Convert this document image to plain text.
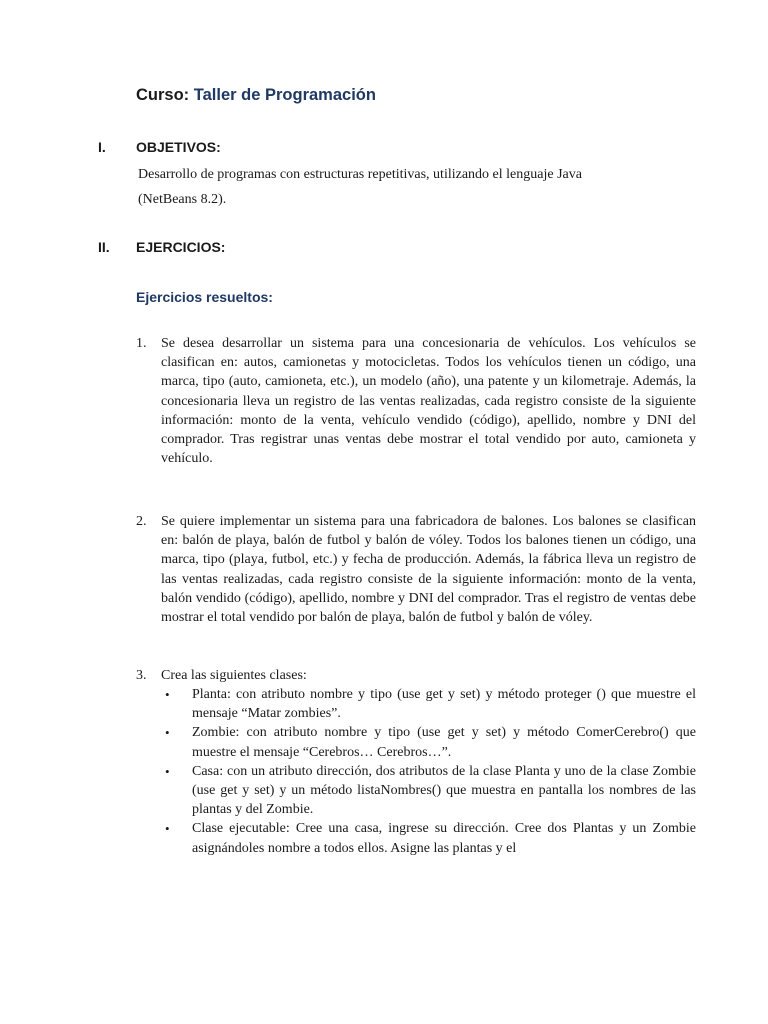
Curso: Taller de Programación
I. OBJETIVOS:
Desarrollo de programas con estructuras repetitivas, utilizando el lenguaje Java (NetBeans 8.2).
II. EJERCICIOS:
Ejercicios resueltos:
1.	Se desea desarrollar un sistema para una concesionaria de vehículos. Los vehículos se clasifican en: autos, camionetas y motocicletas. Todos los vehículos tienen un código, una marca, tipo (auto, camioneta, etc.), un modelo (año), una patente y un kilometraje. Además, la concesionaria lleva un registro de las ventas realizadas, cada registro consiste de la siguiente información: monto de la venta, vehículo vendido (código), apellido, nombre y DNI del comprador. Tras registrar unas ventas debe mostrar el total vendido por auto, camioneta y vehículo.
2.	Se quiere implementar un sistema para una fabricadora de balones. Los balones se clasifican en: balón de playa, balón de futbol y balón de vóley. Todos los balones tienen un código, una marca, tipo (playa, futbol, etc.) y fecha de producción. Además, la fábrica lleva un registro de las ventas realizadas, cada registro consiste de la siguiente información: monto de la venta, balón vendido (código), apellido, nombre y DNI del comprador. Tras el registro de ventas debe mostrar el total vendido por balón de playa, balón de futbol y balón de vóley.
3.	Crea las siguientes clases:
• Planta: con atributo nombre y tipo (use get y set) y método proteger () que muestre el mensaje “Matar zombies”.
• Zombie: con atributo nombre y tipo (use get y set) y método ComerCerebro() que muestre el mensaje “Cerebros… Cerebros…”.
• Casa: con un atributo dirección, dos atributos de la clase Planta y uno de la clase Zombie (use get y set) y un método listaNombres() que muestra en pantalla los nombres de las plantas y del Zombie.
• Clase ejecutable: Cree una casa, ingrese su dirección. Cree dos Plantas y un Zombie asignándoles nombre a todos ellos. Asigne las plantas y el
